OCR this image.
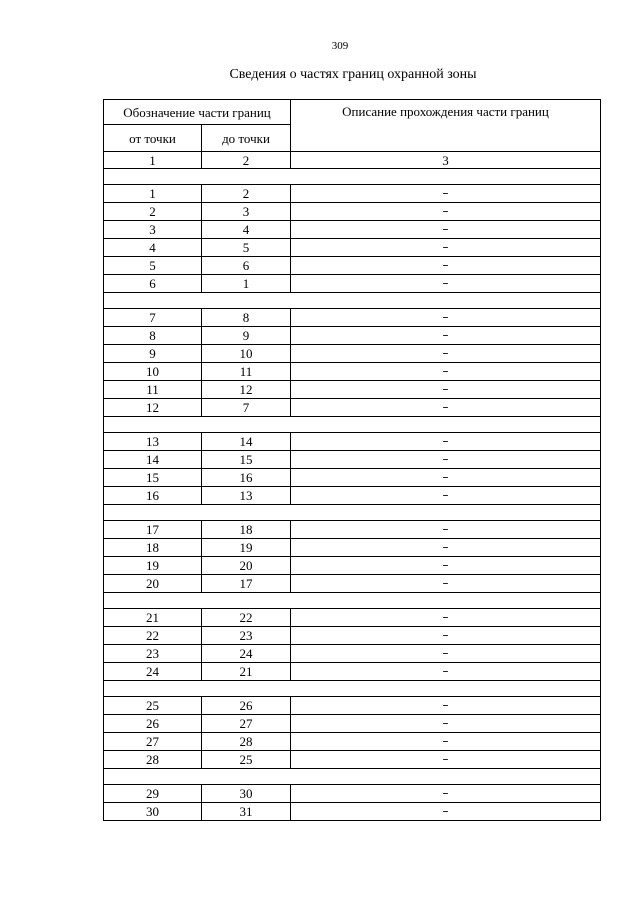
309
Сведения о частях границ охранной зоны
Обозначение части границ		Описание прохождения части границ
от точки	до точки	
1	2	3

1	2	–
2	3	–
3	4	–
4	5	–
5	6	–
6	1	–

7	8	–
8	9	–
9	10	–
10	11	–
11	12	–
12	7	–

13	14	–
14	15	–
15	16	–
16	13	–

17	18	–
18	19	–
19	20	–
20	17	–

21	22	–
22	23	–
23	24	–
24	21	–

25	26	–
26	27	–
27	28	–
28	25	–

29	30	–
30	31	–
